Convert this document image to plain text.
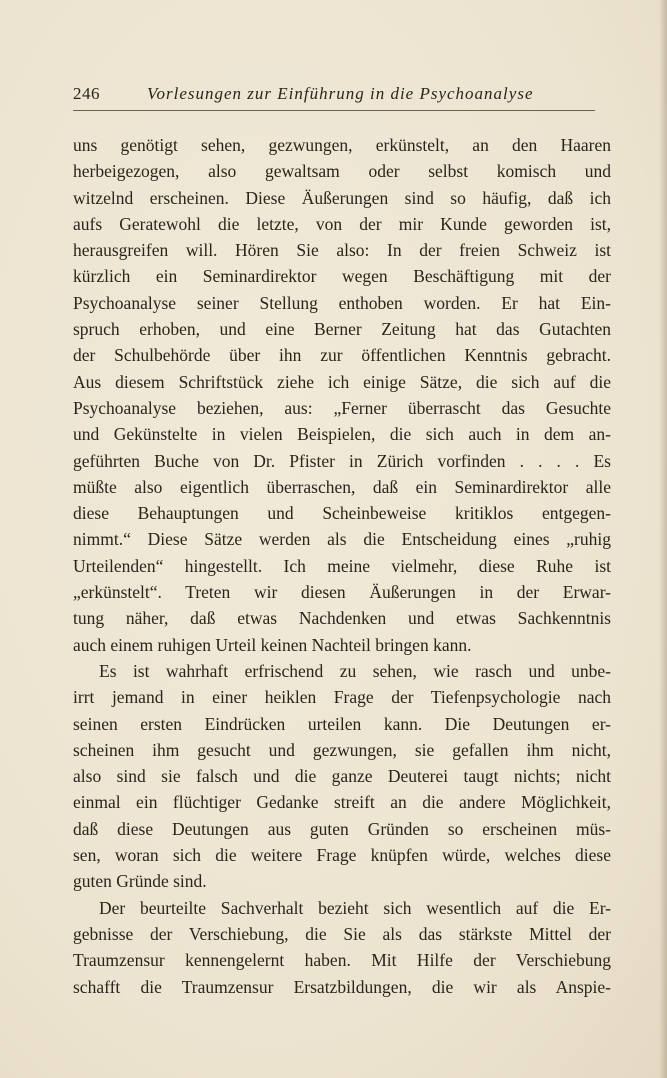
246	Vorlesungen zur Einführung in die Psychoanalyse
uns genötigt sehen, gezwungen, erkünstelt, an den Haaren
herbeigezogen, also gewaltsam oder selbst komisch und
witzelnd erscheinen. Diese Äußerungen sind so häufig, daß ich
aufs Geratewohl die letzte, von der mir Kunde geworden ist,
herausgreifen will. Hören Sie also: In der freien Schweiz ist
kürzlich ein Seminardirektor wegen Beschäftigung mit der
Psychoanalyse seiner Stellung enthoben worden. Er hat Ein-
spruch erhoben, und eine Berner Zeitung hat das Gutachten
der Schulbehörde über ihn zur öffentlichen Kenntnis gebracht.
Aus diesem Schriftstück ziehe ich einige Sätze, die sich auf die
Psychoanalyse beziehen, aus: „Ferner überrascht das Gesuchte
und Gekünstelte in vielen Beispielen, die sich auch in dem an-
geführten Buche von Dr. Pfister in Zürich vorfinden . . . . Es
müßte also eigentlich überraschen, daß ein Seminardirektor alle
diese Behauptungen und Scheinbeweise kritiklos entgegen-
nimmt.“ Diese Sätze werden als die Entscheidung eines „ruhig
Urteilenden“ hingestellt. Ich meine vielmehr, diese Ruhe ist
„erkünstelt“. Treten wir diesen Äußerungen in der Erwar-
tung näher, daß etwas Nachdenken und etwas Sachkenntnis
auch einem ruhigen Urteil keinen Nachteil bringen kann.
Es ist wahrhaft erfrischend zu sehen, wie rasch und unbe-
irrt jemand in einer heiklen Frage der Tiefenpsychologie nach
seinen ersten Eindrücken urteilen kann. Die Deutungen er-
scheinen ihm gesucht und gezwungen, sie gefallen ihm nicht,
also sind sie falsch und die ganze Deuterei taugt nichts; nicht
einmal ein flüchtiger Gedanke streift an die andere Möglichkeit,
daß diese Deutungen aus guten Gründen so erscheinen müs-
sen, woran sich die weitere Frage knüpfen würde, welches diese
guten Gründe sind.
Der beurteilte Sachverhalt bezieht sich wesentlich auf die Er-
gebnisse der Verschiebung, die Sie als das stärkste Mittel der
Traumzensur kennengelernt haben. Mit Hilfe der Verschiebung
schafft die Traumzensur Ersatzbildungen, die wir als Anspie-
